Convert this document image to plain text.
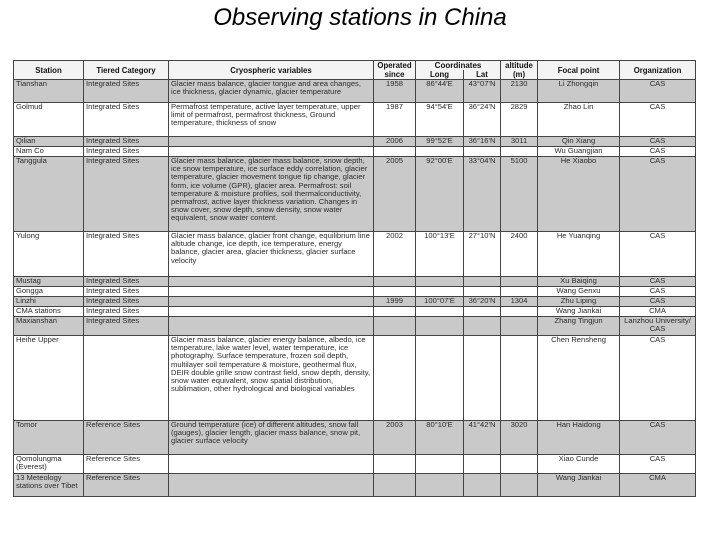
Observing stations in China
Station	Tiered Category	Cryospheric variables	Operated since	Coordinates		altitude (m)	Focal point	Organization
				Long	Lat			
Tianshan	Integrated Sites	Glacier mass balance, glacier tongue and area changes, ice thickness, glacier dynamic, glacier temperature	1958	86°44'E	43°07'N	2130	Li Zhongqin	CAS
Golmud	Integrated Sites	Permafrost temperature, active layer temperature, upper limit of permafrost, permafrost thickness, Ground temperature, thickness of snow	1987	94°54'E	36°24'N	2829	Zhao Lin	CAS
Qilian	Integrated Sites		2006	99°52'E	36°16'N	3011	Qin Xiang	CAS
Nam Co	Integrated Sites						Wu Guangjian	CAS
Tanggula	Integrated Sites	Glacier mass balance, glacier mass balance, snow depth, ice snow temperature, ice surface eddy correlation, glacier temperature, glacier movement tongue tip change, glacier form, ice volume (GPR), glacier area. Permafrost: soil temperature & moisture profiles, soil thermalconductivity, permafrost, active layer thickness variation. Changes in snow cover, snow depth, snow density, snow water equivalent, snow water content.	2005	92°00'E	33°04'N	5100	He Xiaobo	CAS
Yulong	Integrated Sites	Glacier mass balance, glacier front change, equilibrium line altitude change, ice depth, ice temperature, energy balance, glacier area, glacier thickness, glacier surface velocity	2002	100°13'E	27°10'N	2400	He Yuanqing	CAS
Mustag	Integrated Sites						Xu Baiqing	CAS
Gongga	Integrated Sites						Wang Genxu	CAS
Linzhi	Integrated Sites		1999	100°07'E	36°20'N	1304	Zhu Liping	CAS
CMA stations	Integrated Sites						Wang Jiankai	CMA
Maxianshan	Integrated Sites						Zhang Tingjun	Lanzhou University/ CAS
Heihe Upper		Glacier mass balance, glacier energy balance, albedo, ice temperature, lake water level, water temperature, ice photography. Surface temperature, frozen soil depth, multilayer soil temperature & moisture, geothermal flux, DEIR double grille snow contrast field, snow depth, density, snow water equivalent, snow spatial distribution, sublimation, other hydrological and biological variables					Chen Rensheng	CAS
Tomor	Reference Sites	Ground temperature (ice) of different altitudes, snow fall (gauges), glacier length, glacier mass balance, snow pit, glacier surface velocity	2003	80°10'E	41°42'N	3020	Han Haidong	CAS
Qomolungma (Everest)	Reference Sites						Xiao Cunde	CAS
13 Meteology stations over Tibet	Reference Sites						Wang Jiankai	CMA
